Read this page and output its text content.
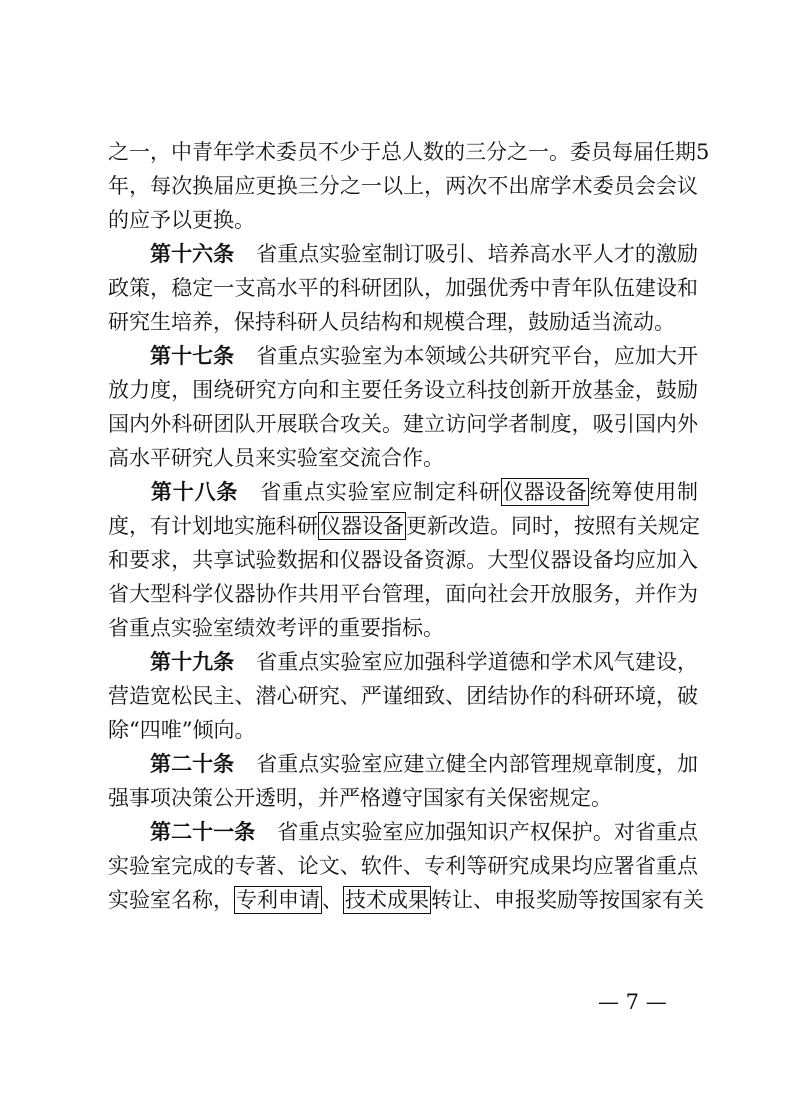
之一，中青年学术委员不少于总人数的三分之一。委员每届任期5
年，每次换届应更换三分之一以上，两次不出席学术委员会会议
的应予以更换。
第十六条 省重点实验室制订吸引、培养高水平人才的激励
政策，稳定一支高水平的科研团队，加强优秀中青年队伍建设和
研究生培养，保持科研人员结构和规模合理，鼓励适当流动。
第十七条 省重点实验室为本领域公共研究平台，应加大开
放力度，围绕研究方向和主要任务设立科技创新开放基金，鼓励
国内外科研团队开展联合攻关。建立访问学者制度，吸引国内外
高水平研究人员来实验室交流合作。
第十八条 省重点实验室应制定科研仪器设备统筹使用制
度，有计划地实施科研仪器设备更新改造。同时，按照有关规定
和要求，共享试验数据和仪器设备资源。大型仪器设备均应加入
省大型科学仪器协作共用平台管理，面向社会开放服务，并作为
省重点实验室绩效考评的重要指标。
第十九条 省重点实验室应加强科学道德和学术风气建设，
营造宽松民主、潜心研究、严谨细致、团结协作的科研环境，破
除“四唯”倾向。
第二十条 省重点实验室应建立健全内部管理规章制度，加
强事项决策公开透明，并严格遵守国家有关保密规定。
第二十一条 省重点实验室应加强知识产权保护。对省重点
实验室完成的专著、论文、软件、专利等研究成果均应署省重点
实验室名称，专利申请、技术成果转让、申报奖励等按国家有关
— 7 —
